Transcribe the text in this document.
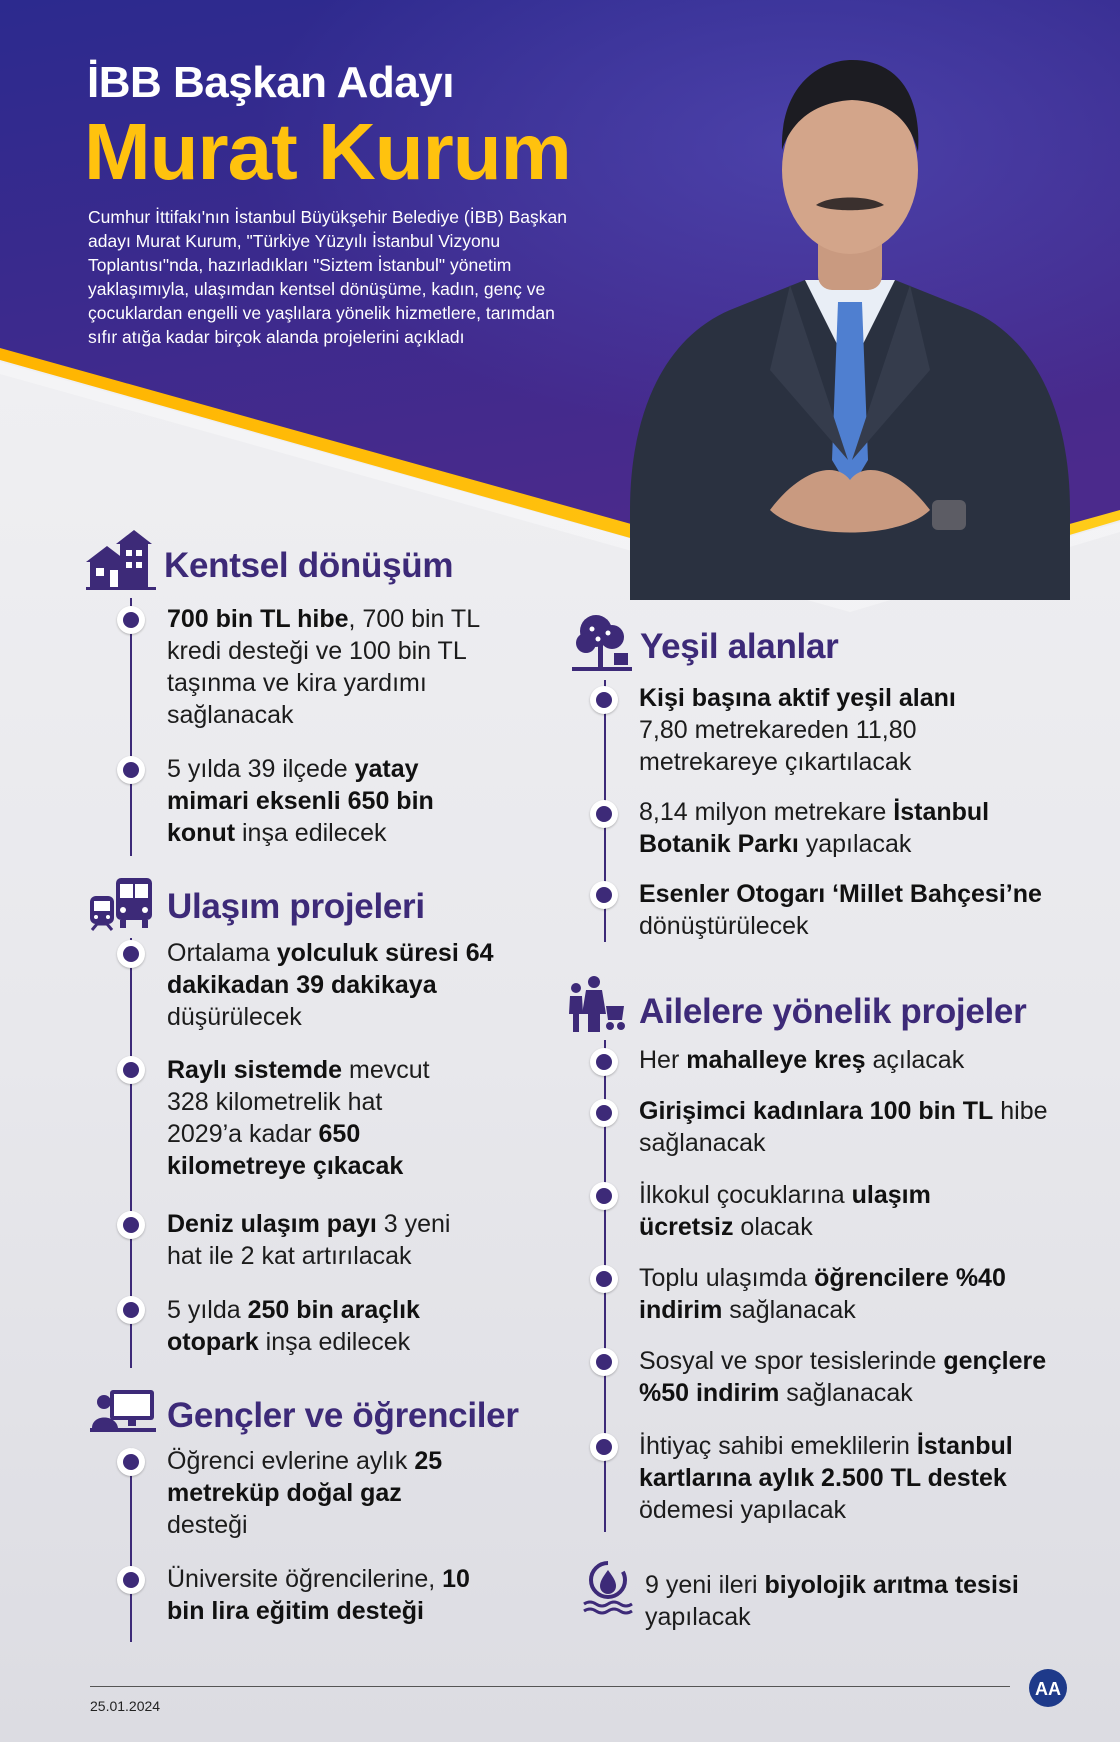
İBB Başkan Adayı
Murat Kurum
Cumhur İttifakı'nın İstanbul Büyükşehir Belediye (İBB) Başkan adayı Murat Kurum, "Türkiye Yüzyılı İstanbul Vizyonu Toplantısı"nda, hazırladıkları "Siztem İstanbul" yönetim yaklaşımıyla, ulaşımdan kentsel dönüşüme, kadın, genç ve çocuklardan engelli ve yaşlılara yönelik hizmetlere, tarımdan sıfır atığa kadar birçok alanda projelerini açıkladı
Kentsel dönüşüm
700 bin TL hibe, 700 bin TL kredi desteği ve 100 bin TL taşınma ve kira yardımı sağlanacak
5 yılda 39 ilçede yatay mimari eksenli 650 bin konut inşa edilecek
Ulaşım projeleri
Ortalama yolculuk süresi 64 dakikadan 39 dakikaya düşürülecek
Raylı sistemde mevcut 328 kilometrelik hat 2029’a kadar 650 kilometreye çıkacak
Deniz ulaşım payı 3 yeni hat ile 2 kat artırılacak
5 yılda 250 bin araçlık otopark inşa edilecek
Gençler ve öğrenciler
Öğrenci evlerine aylık 25 metreküp doğal gaz desteği
Üniversite öğrencilerine, 10 bin lira eğitim desteği
Yeşil alanlar
Kişi başına aktif yeşil alanı 7,80 metrekareden 11,80 metrekareye çıkartılacak
8,14 milyon metrekare İstanbul Botanik Parkı yapılacak
Esenler Otogarı ‘Millet Bahçesi’ne dönüştürülecek
Ailelere yönelik projeler
Her mahalleye kreş açılacak
Girişimci kadınlara 100 bin TL hibe sağlanacak
İlkokul çocuklarına ulaşım ücretsiz olacak
Toplu ulaşımda öğrencilere %40 indirim sağlanacak
Sosyal ve spor tesislerinde gençlere %50 indirim sağlanacak
İhtiyaç sahibi emeklilerin İstanbul kartlarına aylık 2.500 TL destek ödemesi yapılacak
9 yeni ileri biyolojik arıtma tesisi yapılacak
25.01.2024
AA
